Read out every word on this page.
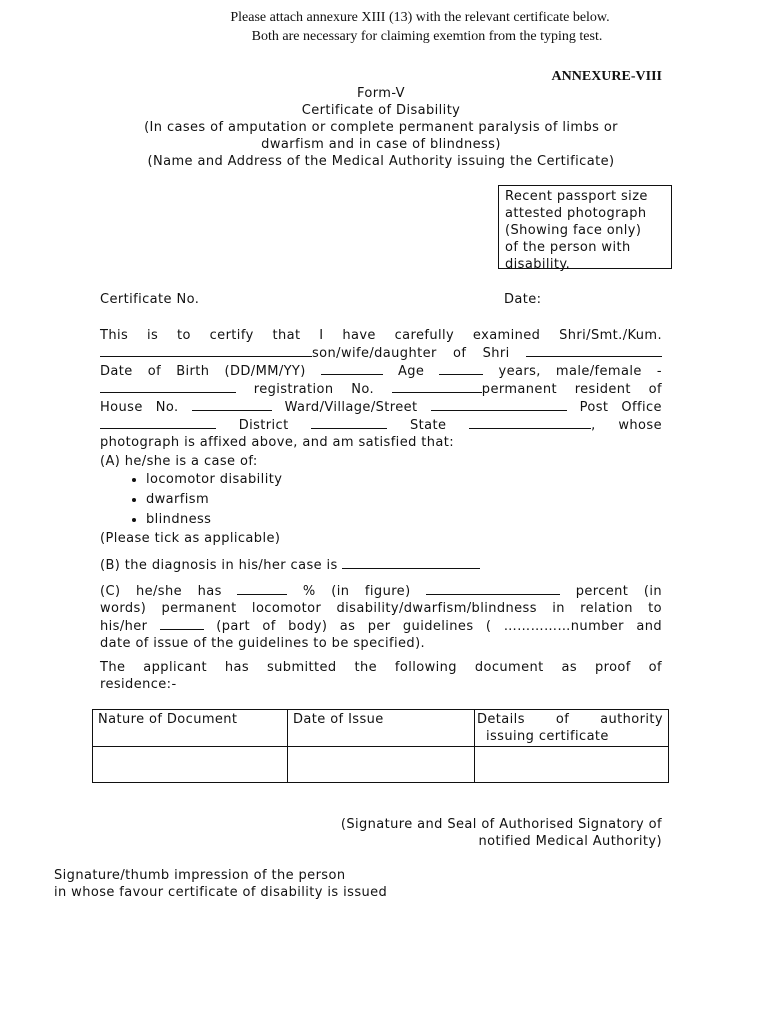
Please attach annexure XIII (13) with the relevant certificate below.
Both are necessary for claiming exemtion from the typing test.
ANNEXURE-VIII
Form-V
Certificate of Disability
(In cases of amputation or complete permanent paralysis of limbs or
dwarfism and in case of blindness)
(Name and Address of the Medical Authority issuing the Certificate)
Recent passport size
attested photograph
(Showing face only)
of the person with
disability.
Certificate No.	Date:
This is to certify that I have carefully examined Shri/Smt./Kum.
son/wife/daughter of Shri
Date of Birth (DD/MM/YY)	Age	years, male/female -
registration No.	permanent resident of
House No.	Ward/Village/Street	Post Office
District	State	, whose
photograph is affixed above, and am satisfied that:
(A) he/she is a case of:
• locomotor disability
• dwarfism
• blindness
(Please tick as applicable)
(B) the diagnosis in his/her case is
(C) he/she has	% (in figure)	percent (in
words) permanent locomotor disability/dwarfism/blindness in relation to
his/her	(part of body) as per guidelines ( ……………number and
date of issue of the guidelines to be specified).
The applicant has submitted the following document as proof of
residence:-
Nature of Document	Date of Issue	Details of authority
issuing certificate

(Signature and Seal of Authorised Signatory of
notified Medical Authority)
Signature/thumb impression of the person
in whose favour certificate of disability is issued
